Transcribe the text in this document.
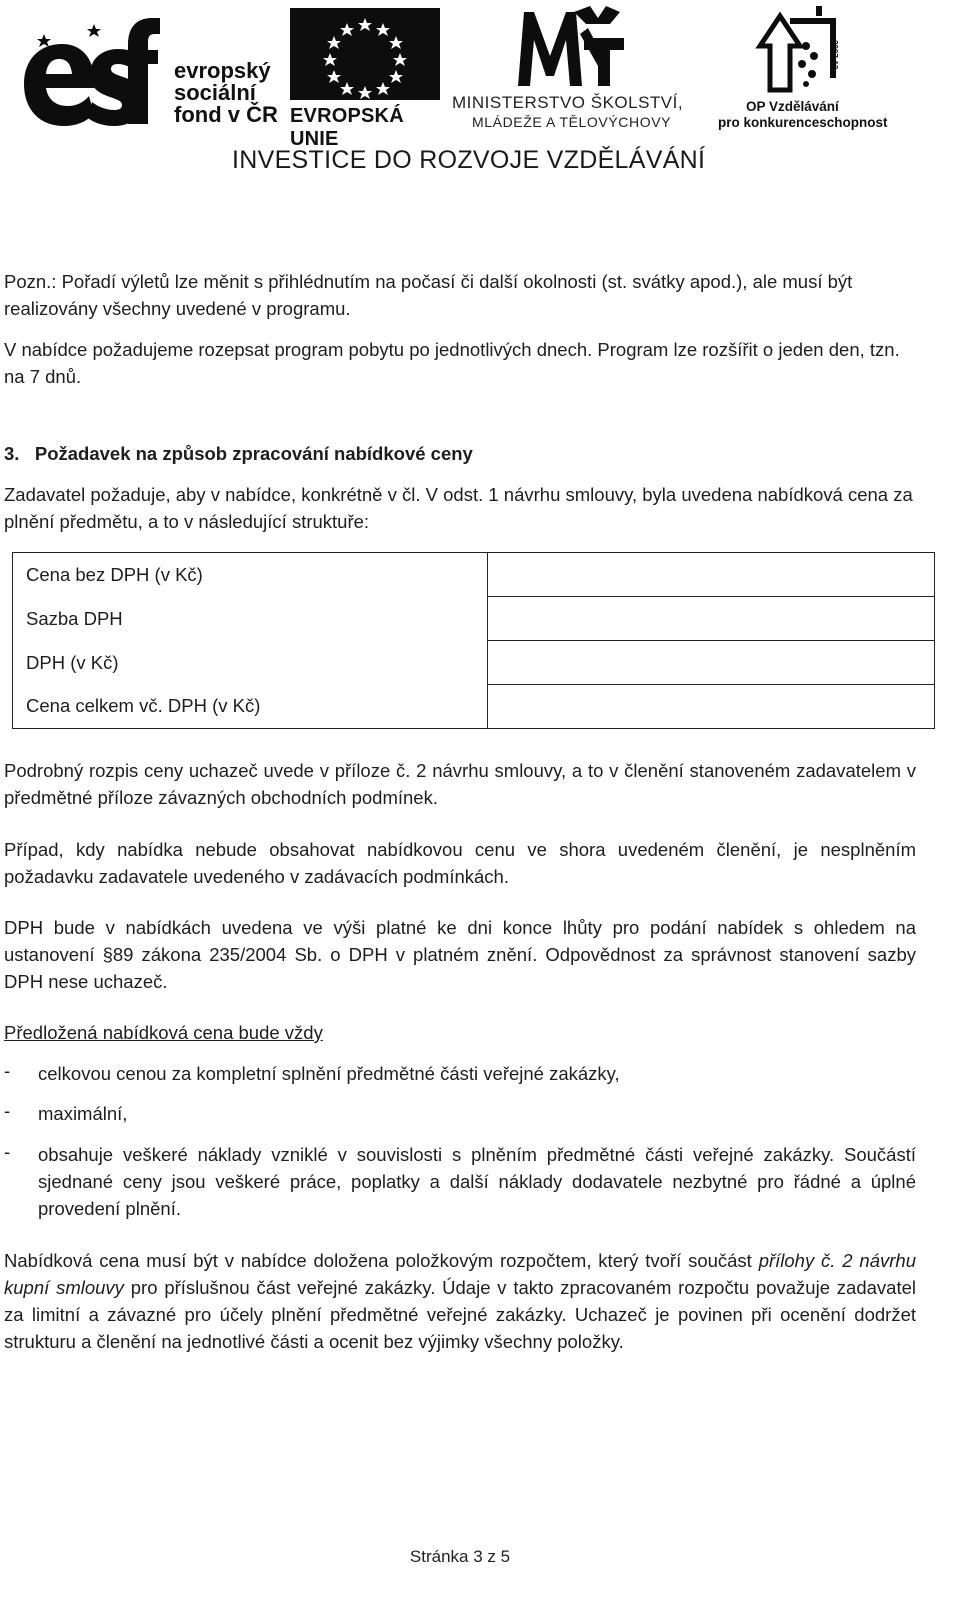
evropský
sociální
fond v ČR EVROPSKÁ UNIE
MINISTERSTVO ŠKOLSTVÍ,
MLÁDEŽE A TĚLOVÝCHOVY
2007-13
OP Vzdělávání
pro konkurenceschopnost
INVESTICE DO ROZVOJE VZDĚLÁVÁNÍ
Pozn.: Pořadí výletů lze měnit s přihlédnutím na počasí či další okolnosti (st. svátky apod.), ale musí být realizovány všechny uvedené v programu.
V nabídce požadujeme rozepsat program pobytu po jednotlivých dnech. Program lze rozšířit o jeden den, tzn. na 7 dnů.
3. Požadavek na způsob zpracování nabídkové ceny
Zadavatel požaduje, aby v nabídce, konkrétně v čl. V odst. 1 návrhu smlouvy, byla uvedena nabídková cena za plnění předmětu, a to v následující struktuře:
Cena bez DPH (v Kč)	
Sazba DPH	
DPH (v Kč)	
Cena celkem vč. DPH (v Kč)	
Podrobný rozpis ceny uchazeč uvede v příloze č. 2 návrhu smlouvy, a to v členění stanoveném zadavatelem v předmětné příloze závazných obchodních podmínek.
Případ, kdy nabídka nebude obsahovat nabídkovou cenu ve shora uvedeném členění, je nesplněním požadavku zadavatele uvedeného v zadávacích podmínkách.
DPH bude v nabídkách uvedena ve výši platné ke dni konce lhůty pro podání nabídek s ohledem na ustanovení §89 zákona 235/2004 Sb. o DPH v platném znění. Odpovědnost za správnost stanovení sazby DPH nese uchazeč.
Předložená nabídková cena bude vždy
- celkovou cenou za kompletní splnění předmětné části veřejné zakázky,
- maximální,
- obsahuje veškeré náklady vzniklé v souvislosti s plněním předmětné části veřejné zakázky. Součástí sjednané ceny jsou veškeré práce, poplatky a další náklady dodavatele nezbytné pro řádné a úplné provedení plnění.
Nabídková cena musí být v nabídce doložena položkovým rozpočtem, který tvoří součást přílohy č. 2 návrhu kupní smlouvy pro příslušnou část veřejné zakázky. Údaje v takto zpracovaném rozpočtu považuje zadavatel za limitní a závazné pro účely plnění předmětné veřejné zakázky. Uchazeč je povinen při ocenění dodržet strukturu a členění na jednotlivé části a ocenit bez výjimky všechny položky.
Stránka 3 z 5
